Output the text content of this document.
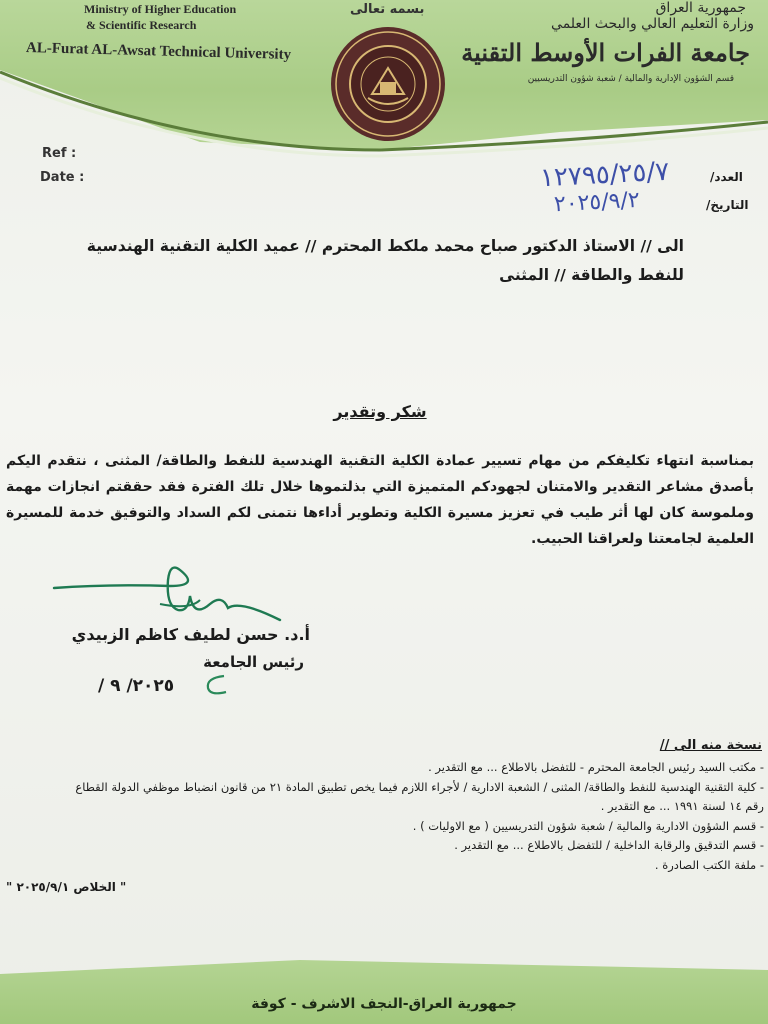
Ministry of Higher Education
& Scientific Research
AL-Furat AL-Awsat Technical University
بسمه تعالى	جمهورية العراق
وزارة التعليم العالي والبحث العلمي
جامعة الفرات الأوسط التقنية
قسم الشؤون الإدارية والمالية / شعبة شؤون التدريسيين
Ref :
Date :	العدد/
١٢٧٩٥/٢٥/٧
التاريخ/
٢٠٢٥/٩/٢
الى // الاستاذ الدكتور صباح محمد ملكط المحترم // عميد الكلية التقنية الهندسية
للنفط والطاقة // المثنى
شكر وتقدير
بمناسبة انتهاء تكليفكم من مهام تسيير عمادة الكلية التقنية الهندسية للنفط والطاقة/ المثنى ، نتقدم اليكم بأصدق مشاعر التقدير والامتنان لجهودكم المتميزة التي بذلتموها خلال تلك الفترة فقد حققتم انجازات مهمة وملموسة كان لها أثر طيب في تعزيز مسيرة الكلية وتطوير أداءها نتمنى لكم السداد والتوفيق خدمة للمسيرة العلمية لجامعتنا ولعراقنا الحبيب.
أ.د. حسن لطيف كاظم الزبيدي
رئيس الجامعة
٢٠٢٥/ ٩ /
نسخة منه الى //
- مكتب السيد رئيس الجامعة المحترم - للتفضل بالاطلاع ... مع التقدير .
- كلية التقنية الهندسية للنفط والطاقة/ المثنى / الشعبة الادارية / لأجراء اللازم فيما يخص تطبيق المادة ٢١ من قانون انضباط موظفي الدولة القطاع
رقم ١٤ لسنة ١٩٩١ ... مع التقدير .
- قسم الشؤون الادارية والمالية / شعبة شؤون التدريسيين ( مع الاوليات ) .
- قسم التدقيق والرقابة الداخلية / للتفضل بالاطلاع ... مع التقدير .
- ملفة الكتب الصادرة .
" الخلاص ٢٠٢٥/٩/١ "
جمهورية العراق-النجف الاشرف - كوفة
